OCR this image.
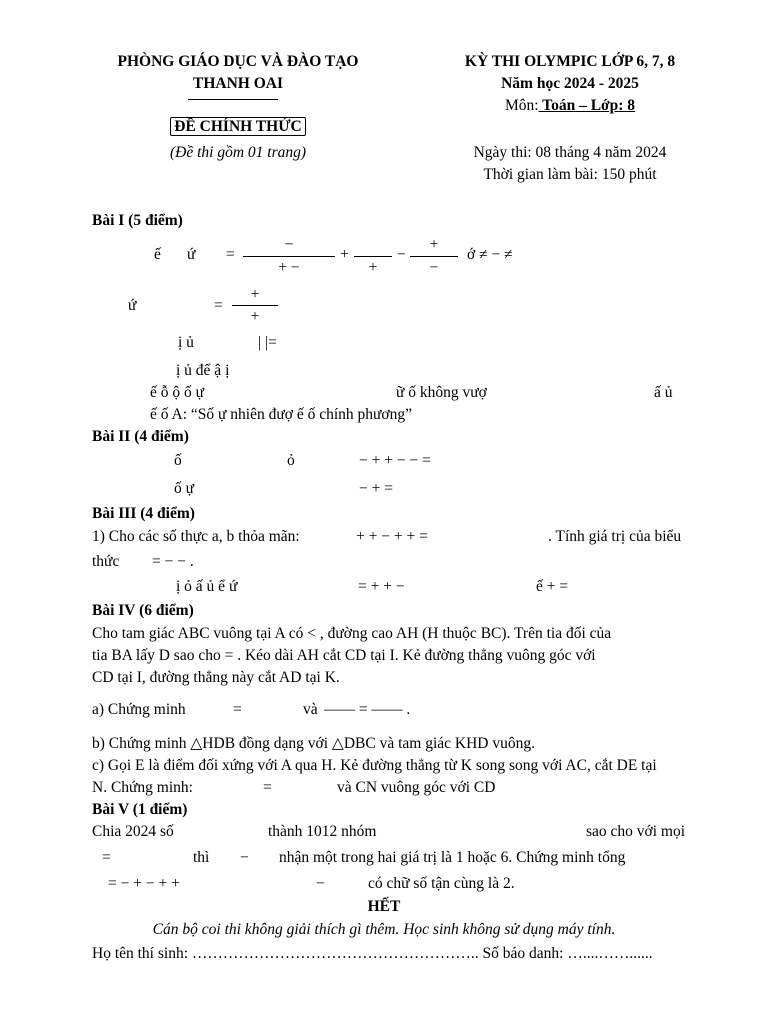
PHÒNG GIÁO DỤC VÀ ĐÀO TẠO
THANH OAI
ĐỀ CHÍNH THỨC
(Đề thi gồm 01 trang)
KỲ THI OLYMPIC LỚP 6, 7, 8
Năm học 2024 - 2025
Môn: Toán – Lớp: 8
Ngày thi: 08 tháng 4 năm 2024
Thời gian làm bài: 150 phút
Bài I (5 điểm)
ế ứ =
−
+ −
+
+
−
+
−
ớ ≠ − ≠
ứ	=
+
+
ị ủ	| |=
ị ủ để ậ ị
ế ỗ ộ ố ự	ữ ố không vượ	ấ ủ
ế ố A: “Số ự nhiên đượ ế ố chính phương”
Bài II (4 điểm)
ố	ỏ	− + + − − =
ố ự	− + =
Bài III (4 điểm)
1) Cho các số thực a, b thỏa mãn:	+ + − + + =	. Tính giá trị của biểu
thức = − − .
ị ỏ ấ ủ ể ứ	= + + −	ế + =
Bài IV (6 điểm)
Cho tam giác ABC vuông tại A có < , đường cao AH (H thuộc BC). Trên tia đối của
tia BA lấy D sao cho = . Kéo dài AH cắt CD tại I. Kẻ đường thẳng vuông góc với
CD tại I, đường thẳng này cắt AD tại K.
a) Chứng minh	=	và —— = —— .
b) Chứng minh △HDB đồng dạng với △DBC và tam giác KHD vuông.
c) Gọi E là điểm đối xứng với A qua H. Kẻ đường thẳng từ K song song với AC, cắt DE tại
N. Chứng minh:	=	và CN vuông góc với CD
Bài V (1 điểm)
Chia 2024 số	thành 1012 nhóm	sao cho với mọi
=	thì − nhận một trong hai giá trị là 1 hoặc 6. Chứng minh tổng
= − + − + +	−	có chữ số tận cùng là 2.
HẾT
Cán bộ coi thi không giải thích gì thêm. Học sinh không sử dụng máy tính.
Họ tên thí sinh: ……………………………………………….. Số báo danh: …....……......
